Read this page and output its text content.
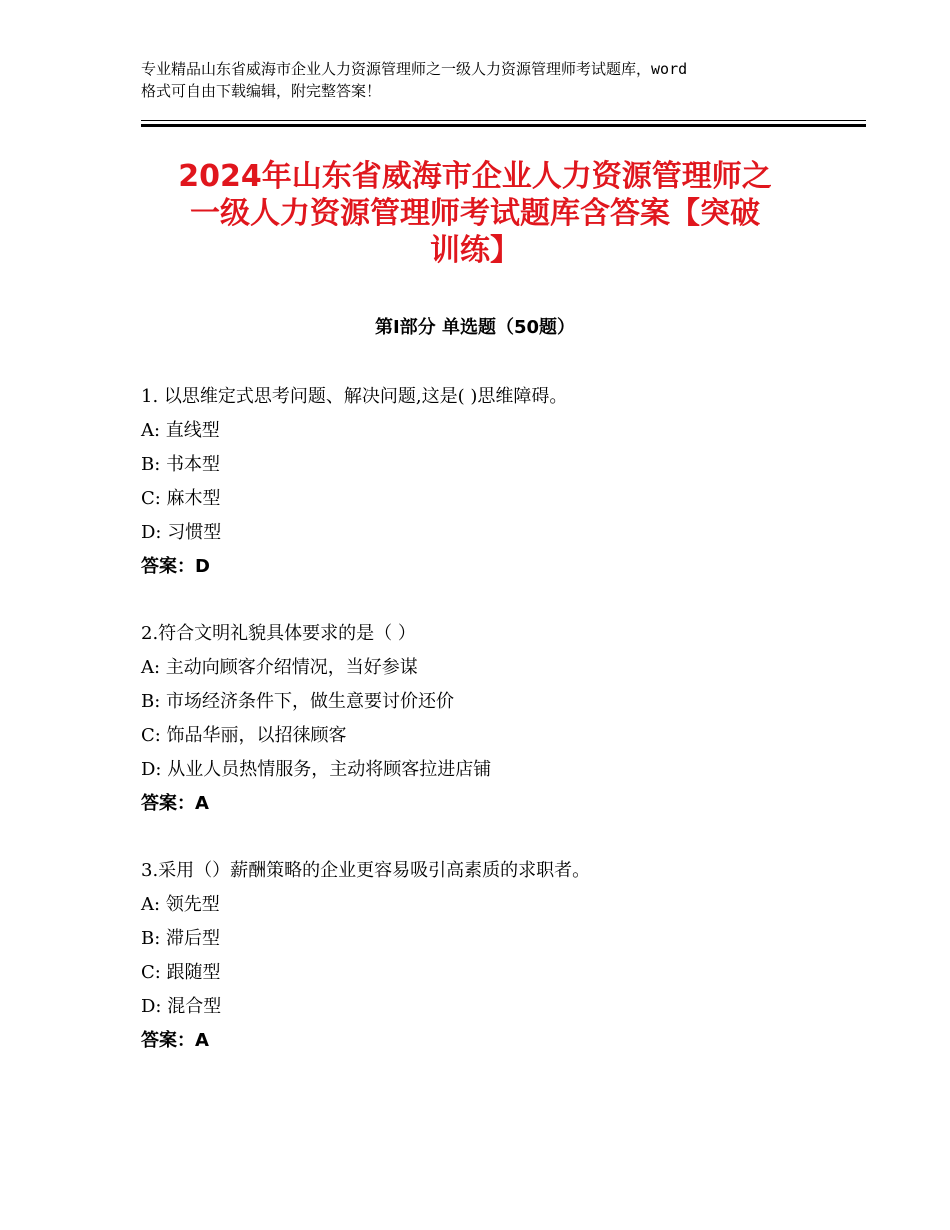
专业精品山东省威海市企业人力资源管理师之一级人力资源管理师考试题库，word
格式可自由下载编辑，附完整答案！
2024年山东省威海市企业人力资源管理师之
一级人力资源管理师考试题库含答案【突破
训练】
第Ⅰ部分 单选题（50题）
1. 以思维定式思考问题、解决问题,这是( )思维障碍。
A: 直线型
B: 书本型
C: 麻木型
D: 习惯型
答案：D
2.符合文明礼貌具体要求的是（ ）
A: 主动向顾客介绍情况，当好参谋
B: 市场经济条件下，做生意要讨价还价
C: 饰品华丽，以招徕顾客
D: 从业人员热情服务，主动将顾客拉进店铺
答案：A
3.采用（）薪酬策略的企业更容易吸引高素质的求职者。
A: 领先型
B: 滞后型
C: 跟随型
D: 混合型
答案：A
